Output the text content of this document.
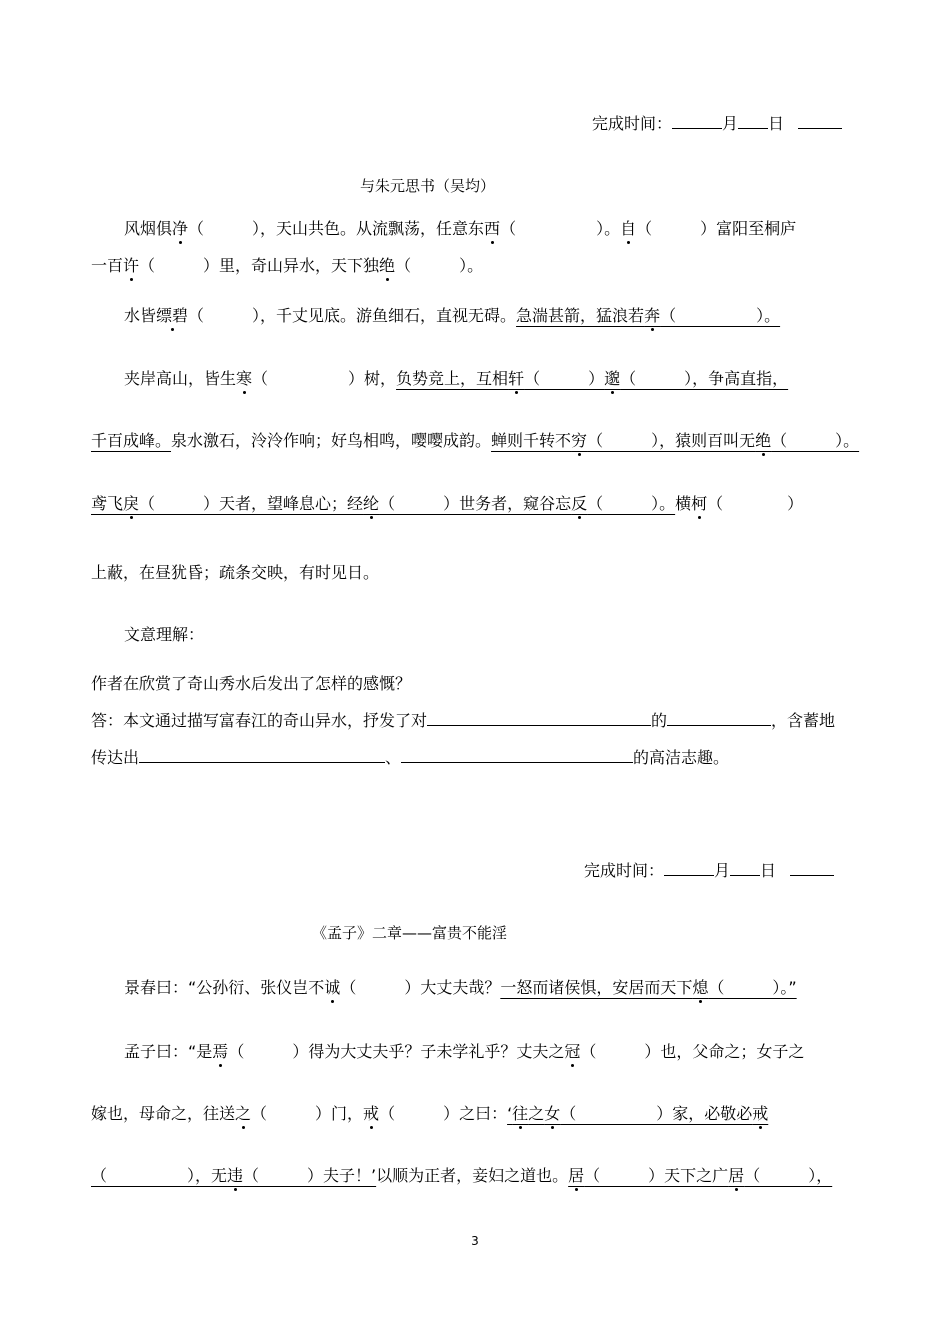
完成时间：	月 日
与朱元思书（吴均）
风烟俱净（　　　），天山共色。从流飘荡，任意东西（　　　　　）。自（　　　）富阳至桐庐
一百许（　　　）里，奇山异水，天下独绝（　　　）。
水皆缥碧（　　　），千丈见底。游鱼细石，直视无碍。急湍甚箭，猛浪若奔（　　　　　）。
夹岸高山，皆生寒（　　　　　）树，负势竞上，互相轩（　　　）邈（　　　），争高直指，
千百成峰。泉水激石，泠泠作响；好鸟相鸣，嘤嘤成韵。蝉则千转不穷（　　　），猿则百叫无绝（　　　）。
鸢飞戾（　　　）天者，望峰息心；经纶（　　　）世务者，窥谷忘反（　　　）。横柯（　　　　）
上蔽，在昼犹昏；疏条交映，有时见日。
文意理解：
作者在欣赏了奇山秀水后发出了怎样的感慨？
答：本文通过描写富春江的奇山异水，抒发了对	的	，含蓄地
传达出	、	的高洁志趣。
完成时间：	月 日
《孟子》二章——富贵不能淫
景春曰：“公孙衍、张仪岂不诚（　　　）大丈夫哉？一怒而诸侯惧，安居而天下熄（　　　）。”
孟子曰：“是焉（　　　）得为大丈夫乎？子未学礼乎？丈夫之冠（　　　）也，父命之；女子之
嫁也，母命之，往送之（　　　）门，戒（　　　）之曰：‘往之女（　　　　　）家，必敬必戒
（　　　　　），无违（　　　）夫子！’以顺为正者，妾妇之道也。居（　　　）天下之广居（　　　），
3
